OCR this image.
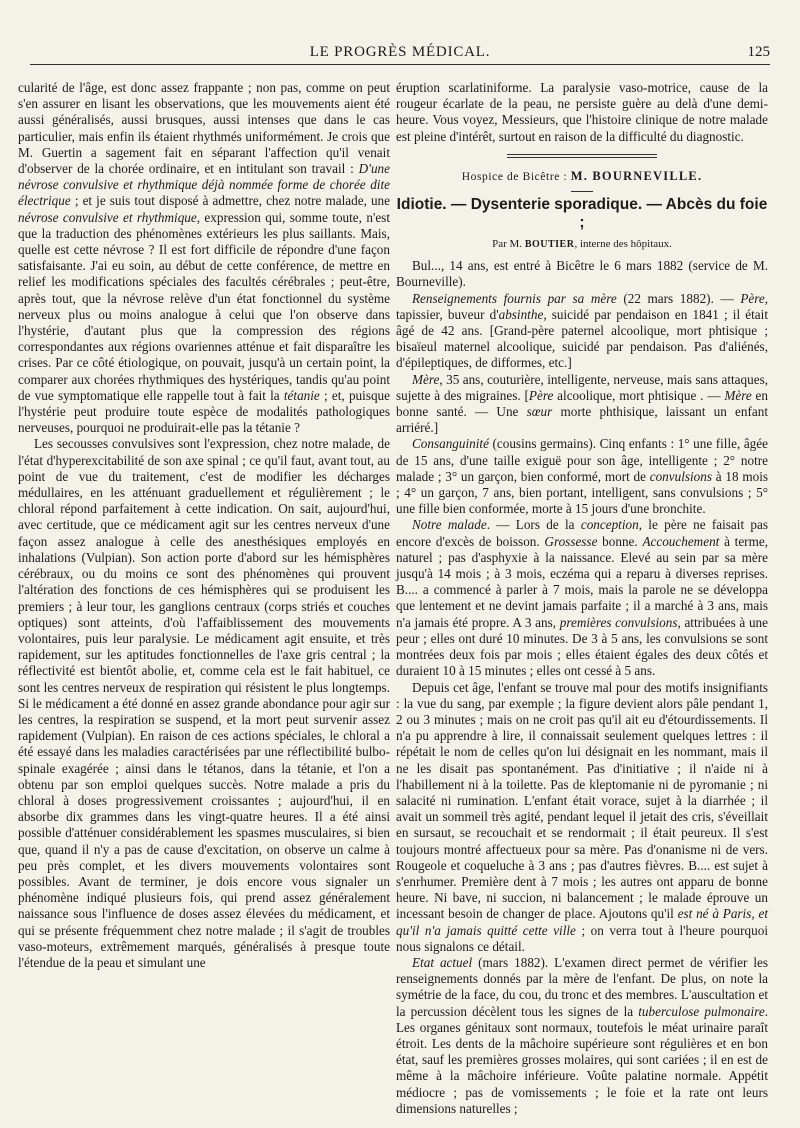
LE PROGRÈS MÉDICAL.	125

cularité de l'âge, est donc assez frappante ; non pas, comme on peut s'en assurer en lisant les observations, que les mouvements aient été aussi généralisés, aussi brusques, aussi intenses que dans le cas particulier, mais enfin ils étaient rhythmés uniformément. Je crois que M. Guertin a sagement fait en séparant l'affection qu'il venait d'observer de la chorée ordinaire, et en intitulant son travail : D'une névrose convulsive et rhythmique déjà nommée forme de chorée dite électrique ; et je suis tout disposé à admettre, chez notre malade, une névrose convulsive et rhythmique, expression qui, somme toute, n'est que la traduction des phénomènes extérieurs les plus saillants. Mais, quelle est cette névrose ? Il est fort difficile de répondre d'une façon satisfaisante. J'ai eu soin, au début de cette conférence, de mettre en relief les modifications spéciales des facultés cérébrales ; peut-être, après tout, que la névrose relève d'un état fonctionnel du système nerveux plus ou moins analogue à celui que l'on observe dans l'hystérie, d'autant plus que la compression des régions correspondantes aux régions ovariennes atténue et fait disparaître les crises. Par ce côté étiologique, on pouvait, jusqu'à un certain point, la comparer aux chorées rhythmiques des hystériques, tandis qu'au point de vue symptomatique elle rappelle tout à fait la tétanie ; et, puisque l'hystérie peut produire toute espèce de modalités pathologiques nerveuses, pourquoi ne produirait-elle pas la tétanie ?

Les secousses convulsives sont l'expression, chez notre malade, de l'état d'hyperexcitabilité de son axe spinal ; ce qu'il faut, avant tout, au point de vue du traitement, c'est de modifier les décharges médullaires, en les atténuant graduellement et régulièrement ; le chloral répond parfaitement à cette indication. On sait, aujourd'hui, avec certitude, que ce médicament agit sur les centres nerveux d'une façon assez analogue à celle des anesthésiques employés en inhalations (Vulpian). Son action porte d'abord sur les hémisphères cérébraux, ou du moins ce sont des phénomènes qui prouvent l'altération des fonctions de ces hémisphères qui se produisent les premiers ; à leur tour, les ganglions centraux (corps striés et couches optiques) sont atteints, d'où l'affaiblissement des mouvements volontaires, puis leur paralysie. Le médicament agit ensuite, et très rapidement, sur les aptitudes fonctionnelles de l'axe gris central ; la réflectivité est bientôt abolie, et, comme cela est le fait habituel, ce sont les centres nerveux de respiration qui résistent le plus longtemps. Si le médicament a été donné en assez grande abondance pour agir sur les centres, la respiration se suspend, et la mort peut survenir assez rapidement (Vulpian). En raison de ces actions spéciales, le chloral a été essayé dans les maladies caractérisées par une réflectibilité bulbo-spinale exagérée ; ainsi dans le tétanos, dans la tétanie, et l'on a obtenu par son emploi quelques succès. Notre malade a pris du chloral à doses progressivement croissantes ; aujourd'hui, il en absorbe dix grammes dans les vingt-quatre heures. Il a été ainsi possible d'atténuer considérablement les spasmes musculaires, si bien que, quand il n'y a pas de cause d'excitation, on observe un calme à peu près complet, et les divers mouvements volontaires sont possibles. Avant de terminer, je dois encore vous signaler un phénomène indiqué plusieurs fois, qui prend assez généralement naissance sous l'influence de doses assez élevées du médicament, et qui se présente fréquemment chez notre malade ; il s'agit de troubles vaso-moteurs, extrêmement marqués, généralisés à presque toute l'étendue de la peau et simulant une

éruption scarlatiniforme. La paralysie vaso-motrice, cause de la rougeur écarlate de la peau, ne persiste guère au delà d'une demi-heure. Vous voyez, Messieurs, que l'histoire clinique de notre malade est pleine d'intérêt, surtout en raison de la difficulté du diagnostic.

Hospice de Bicêtre : M. BOURNEVILLE.

Idiotie. — Dysenterie sporadique. — Abcès du foie ;

Par M. BOUTIER, interne des hôpitaux.

Bul..., 14 ans, est entré à Bicêtre le 6 mars 1882 (service de M. Bourneville).

Renseignements fournis par sa mère (22 mars 1882). — Père, tapissier, buveur d'absinthe, suicidé par pendaison en 1841 ; il était âgé de 42 ans. [Grand-père paternel alcoolique, mort phtisique ; bisaïeul maternel alcoolique, suicidé par pendaison. Pas d'aliénés, d'épileptiques, de difformes, etc.]

Mère, 35 ans, couturière, intelligente, nerveuse, mais sans attaques, sujette à des migraines. [Père alcoolique, mort phtisique . — Mère en bonne santé. — Une sœur morte phthisique, laissant un enfant arriéré.]

Consanguinité (cousins germains). Cinq enfants : 1° une fille, âgée de 15 ans, d'une taille exiguë pour son âge, intelligente ; 2° notre malade ; 3° un garçon, bien conformé, mort de convulsions à 18 mois ; 4° un garçon, 7 ans, bien portant, intelligent, sans convulsions ; 5° une fille bien conformée, morte à 15 jours d'une bronchite.

Notre malade. — Lors de la conception, le père ne faisait pas encore d'excès de boisson. Grossesse bonne. Accouchement à terme, naturel ; pas d'asphyxie à la naissance. Elevé au sein par sa mère jusqu'à 14 mois ; à 3 mois, eczéma qui a reparu à diverses reprises. B.... a commencé à parler à 7 mois, mais la parole ne se développa que lentement et ne devint jamais parfaite ; il a marché à 3 ans, mais n'a jamais été propre. A 3 ans, premières convulsions, attribuées à une peur ; elles ont duré 10 minutes. De 3 à 5 ans, les convulsions se sont montrées deux fois par mois ; elles étaient égales des deux côtés et duraient 10 à 15 minutes ; elles ont cessé à 5 ans.

Depuis cet âge, l'enfant se trouve mal pour des motifs insignifiants : la vue du sang, par exemple ; la figure devient alors pâle pendant 1, 2 ou 3 minutes ; mais on ne croit pas qu'il ait eu d'étourdissements. Il n'a pu apprendre à lire, il connaissait seulement quelques lettres : il répétait le nom de celles qu'on lui désignait en les nommant, mais il ne les disait pas spontanément. Pas d'initiative ; il n'aide ni à l'habillement ni à la toilette. Pas de kleptomanie ni de pyromanie ; ni salacité ni rumination. L'enfant était vorace, sujet à la diarrhée ; il avait un sommeil très agité, pendant lequel il jetait des cris, s'éveillait en sursaut, se recouchait et se rendormait ; il était peureux. Il s'est toujours montré affectueux pour sa mère. Pas d'onanisme ni de vers. Rougeole et coqueluche à 3 ans ; pas d'autres fièvres. B.... est sujet à s'enrhumer. Première dent à 7 mois ; les autres ont apparu de bonne heure. Ni bave, ni succion, ni balancement ; le malade éprouve un incessant besoin de changer de place. Ajoutons qu'il est né à Paris, et qu'il n'a jamais quitté cette ville ; on verra tout à l'heure pourquoi nous signalons ce détail.

Etat actuel (mars 1882). L'examen direct permet de vérifier les renseignements donnés par la mère de l'enfant. De plus, on note la symétrie de la face, du cou, du tronc et des membres. L'auscultation et la percussion décèlent tous les signes de la tuberculose pulmonaire. Les organes génitaux sont normaux, toutefois le méat urinaire paraît étroit. Les dents de la mâchoire supérieure sont régulières et en bon état, sauf les premières grosses molaires, qui sont cariées ; il en est de même à la mâchoire inférieure. Voûte palatine normale. Appétit médiocre ; pas de vomissements ; le foie et la rate ont leurs dimensions naturelles ;
